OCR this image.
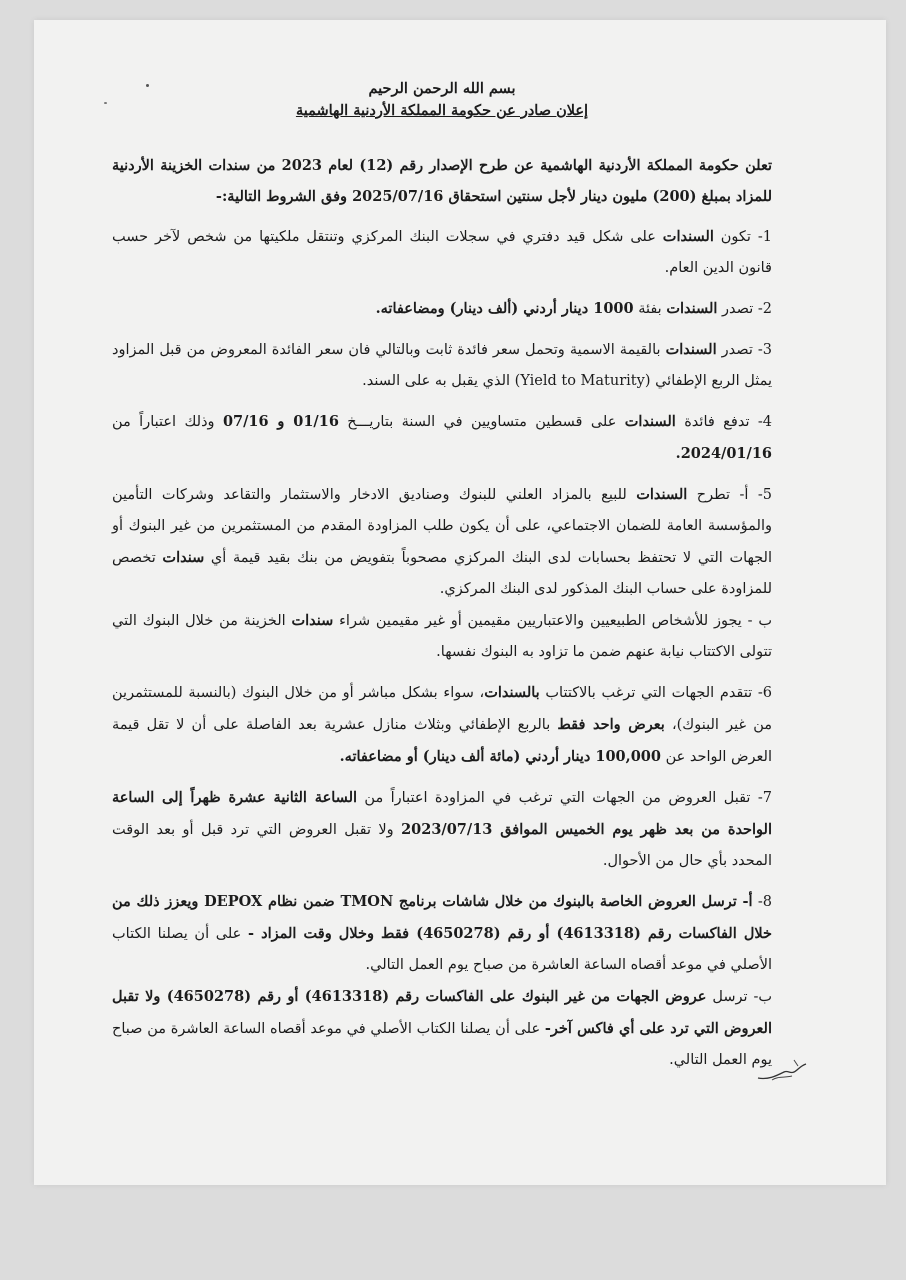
بسم الله الرحمن الرحيم
إعلان صادر عن حكومة المملكة الأردنية الهاشمية
تعلن حكومة المملكة الأردنية الهاشمية عن طرح الإصدار رقم (12) لعام 2023 من سندات الخزينة الأردنية للمزاد بمبلغ (200) مليون دينار لأجل سنتين استحقاق 2025/07/16 وفق الشروط التالية:-
1- تكون السندات على شكل قيد دفتري في سجلات البنك المركزي وتنتقل ملكيتها من شخص لآخر حسب قانون الدين العام.
2- تصدر السندات بفئة 1000 دينار أردني (ألف دينار) ومضاعفاته.
3- تصدر السندات بالقيمة الاسمية وتحمل سعر فائدة ثابت وبالتالي فان سعر الفائدة المعروض من قبل المزاود يمثل الربع الإطفائي (Yield to Maturity) الذي يقبل به على السند.
4- تدفع فائدة السندات على قسطين متساويين في السنة بتاريـــخ 01/16 و 07/16 وذلك اعتباراً من 2024/01/16.

5- أ- تطرح السندات للبيع بالمزاد العلني للبنوك وصناديق الادخار والاستثمار والتقاعد وشركات التأمين والمؤسسة العامة للضمان الاجتماعي، على أن يكون طلب المزاودة المقدم من المستثمرين من غير البنوك أو الجهات التي لا تحتفظ بحسابات لدى البنك المركزي مصحوباً بتفويض من بنك بقيد قيمة أي سندات تخصص للمزاودة على حساب البنك المذكور لدى البنك المركزي.

ب - يجوز للأشخاص الطبيعيين والاعتباريين مقيمين أو غير مقيمين شراء سندات الخزينة من خلال البنوك التي تتولى الاكتتاب نيابة عنهم ضمن ما تزاود به البنوك نفسها.

6- تتقدم الجهات التي ترغب بالاكتتاب بالسندات، سواء بشكل مباشر أو من خلال البنوك (بالنسبة للمستثمرين من غير البنوك)، بعرض واحد فقط بالربع الإطفائي وبثلاث منازل عشرية بعد الفاصلة على أن لا تقل قيمة العرض الواحد عن 100,000 دينار أردني (مائة ألف دينار) أو مضاعفاته.
7- تقبل العروض من الجهات التي ترغب في المزاودة اعتباراً من الساعة الثانية عشرة ظهراً إلى الساعة الواحدة من بعد ظهر يوم الخميس الموافق 2023/07/13 ولا تقبل العروض التي ترد قبل أو بعد الوقت المحدد بأي حال من الأحوال.

8- أ- ترسل العروض الخاصة بالبنوك من خلال شاشات برنامج TMON ضمن نظام DEPOX ويعزز ذلك من خلال الفاكسات رقم (4613318) أو رقم (4650278) فقط وخلال وقت المزاد - على أن يصلنا الكتاب الأصلي في موعد أقصاه الساعة العاشرة من صباح يوم العمل التالي.

ب- ترسل عروض الجهات من غير البنوك على الفاكسات رقم (4613318) أو رقم (4650278) ولا تقبل العروض التي ترد على أي فاكس آخر- على أن يصلنا الكتاب الأصلي في موعد أقصاه الساعة العاشرة من صباح يوم العمل التالي.
